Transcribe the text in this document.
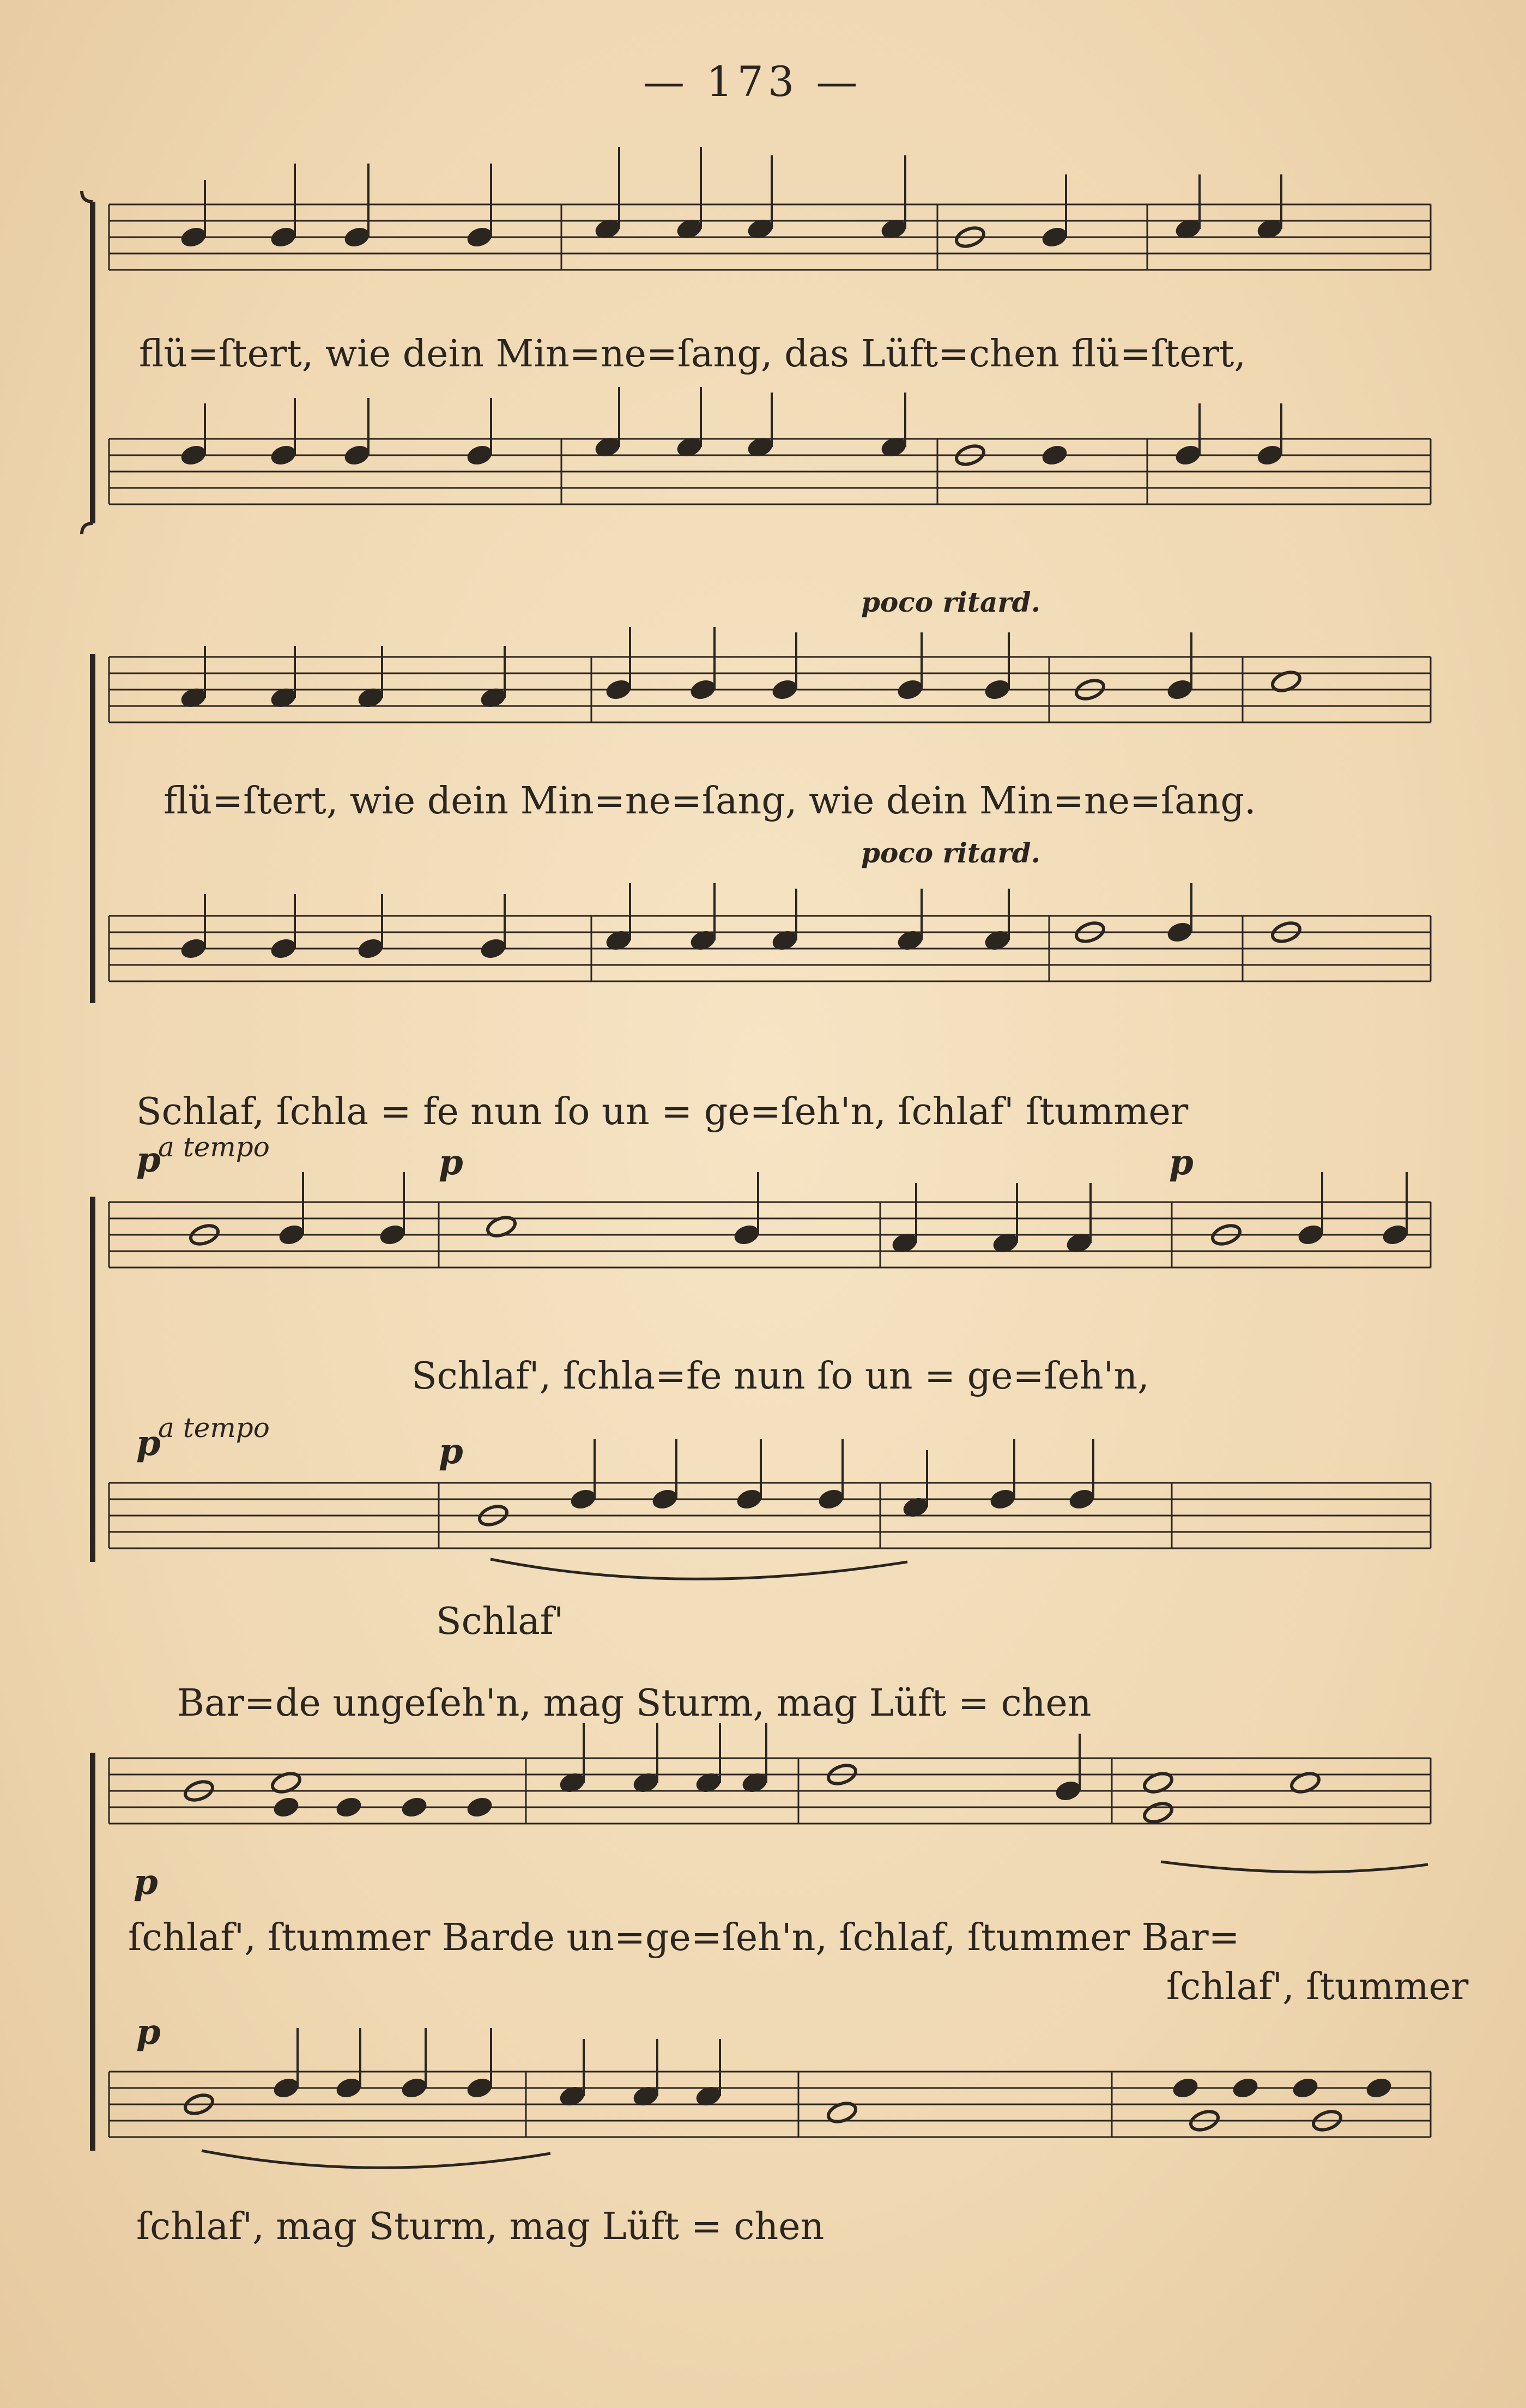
— 173 —
flü=ſtert, wie dein Min=ne=ſang, das Lüft=chen flü=ſtert,
poco ritard.
flü=ſtert, wie dein Min=ne=ſang, wie dein Min=ne=ſang.
poco ritard.
Schlaf, ſchla = fe nun ſo un = ge=ſeh'n, ſchlaf' ſtummer
p
a tempo	p	p
Schlaf', ſchla=fe nun ſo un = ge=ſeh'n,
p
a tempo
p
Schlaf'
Bar=de ungeſeh'n, mag Sturm, mag Lüft = chen
p
ſchlaf', ſtummer Barde un=ge=ſeh'n, ſchlaf, ſtummer Bar=
ſchlaf', ſtummer
p
ſchlaf', mag Sturm, mag Lüft = chen
